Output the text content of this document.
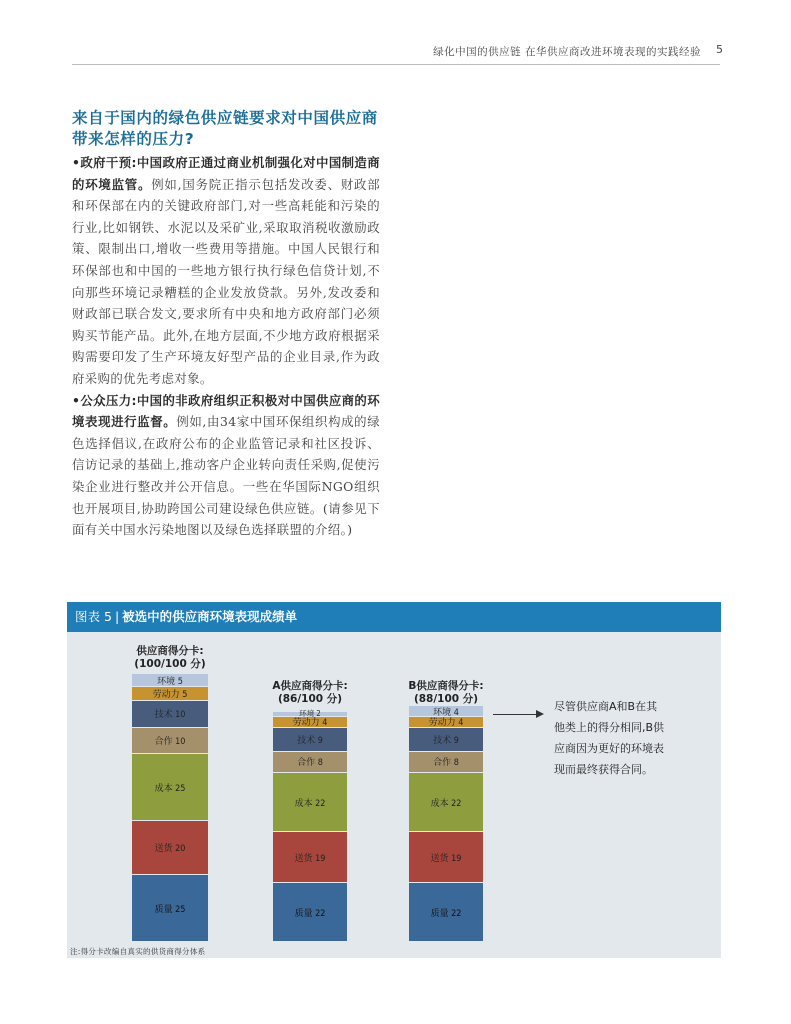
绿化中国的供应链 在华供应商改进环境表现的实践经验 5
来自于国内的绿色供应链要求对中国供应商带来怎样的压力?

•政府干预:中国政府正通过商业机制强化对中国制造商的环境监管。例如,国务院正指示包括发改委、财政部和环保部在内的关键政府部门,对一些高耗能和污染的行业,比如钢铁、水泥以及采矿业,采取取消税收激励政策、限制出口,增收一些费用等措施。中国人民银行和环保部也和中国的一些地方银行执行绿色信贷计划,不向那些环境记录糟糕的企业发放贷款。另外,发改委和财政部已联合发文,要求所有中央和地方政府部门必须购买节能产品。此外,在地方层面,不少地方政府根据采购需要印发了生产环境友好型产品的企业目录,作为政府采购的优先考虑对象。

•公众压力:中国的非政府组织正积极对中国供应商的环境表现进行监督。例如,由34家中国环保组织构成的绿色选择倡议,在政府公布的企业监管记录和社区投诉、信访记录的基础上,推动客户企业转向责任采购,促使污染企业进行整改并公开信息。一些在华国际NGO组织也开展项目,协助跨国公司建设绿色供应链。(请参见下面有关中国水污染地图以及绿色选择联盟的介绍。)

图表 5 | 被选中的供应商环境表现成绩单
供应商得分卡:
(100/100 分)
质量 25
送货 20
成本 25
合作 10
技术 10
劳动力 5
环境 5	A供应商得分卡:
(86/100 分)
质量 22
送货 19
成本 22
合作 8
技术 9
劳动力 4
环境 2
B供应商得分卡:
(88/100 分)
质量 22
送货 19
成本 22
合作 8
技术 9
劳动力 4
环境 4	尽管供应商A和B在其他类上的得分相同,B供应商因为更好的环境表现而最终获得合同。
注:得分卡改编自真实的供货商得分体系
